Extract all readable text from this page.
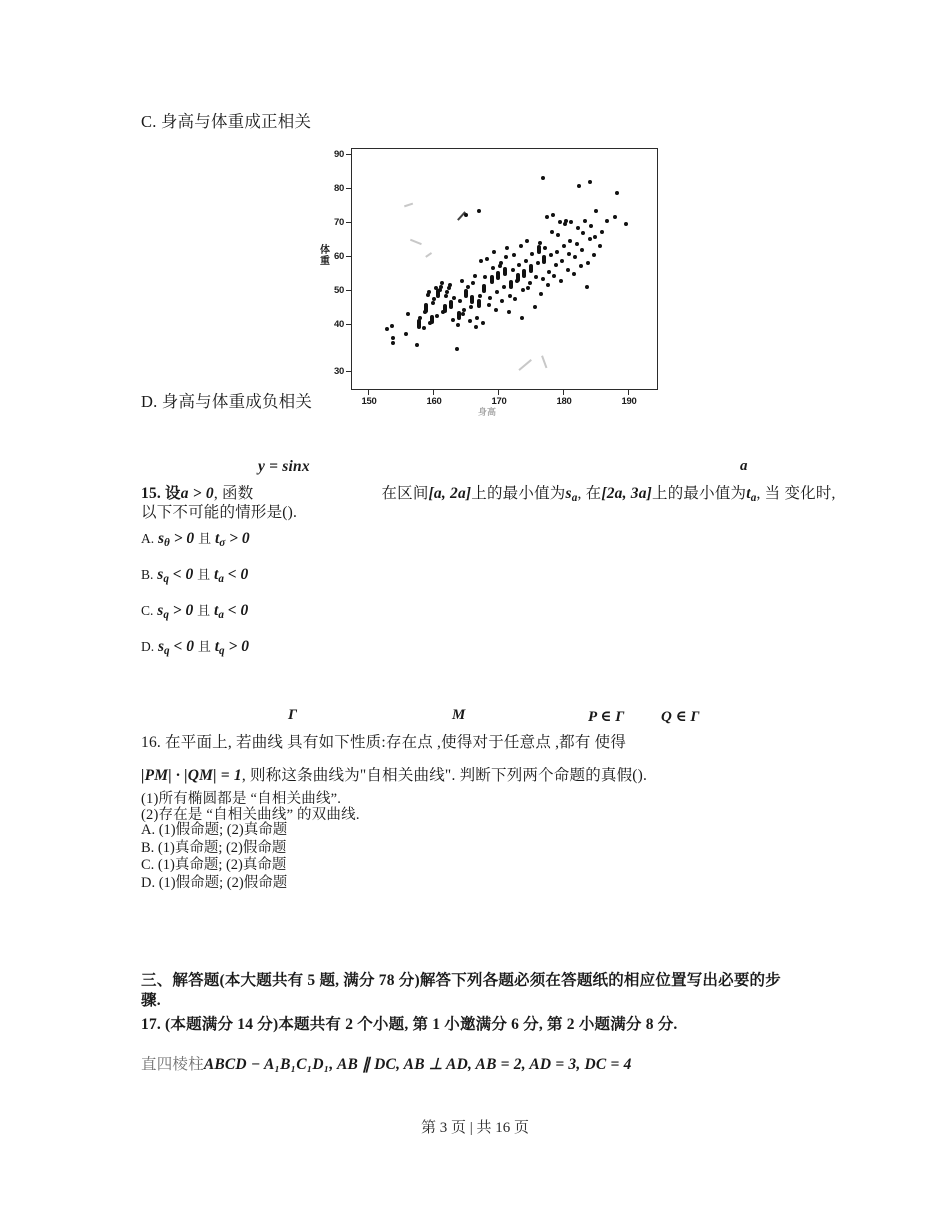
C. 身高与体重成正相关
体重
90
80
70
60
50
40
30
150	160	170	180	190
身高
D. 身高与体重成负相关
y = sinx	a
15. 设a > 0, 函数	在区间[a, 2a]上的最小值为$s_a$, 在[2a, 3a]上的最小值为$t_a$, 当 变化时,
以下不可能的情形是().
A. $s_\theta > 0$ 且 $t_\sigma > 0$
B. $s_q < 0$ 且 $t_a < 0$
C. $s_q > 0$ 且 $t_a < 0$
D. $s_q < 0$ 且 $t_q > 0$
Γ	M	P ∈ Γ Q ∈ Γ
16. 在平面上, 若曲线 具有如下性质:存在点 ,使得对于任意点 ,都有 使得
|PM| · |QM| = 1, 则称这条曲线为"自相关曲线". 判断下列两个命题的真假().
(1)所有椭圆都是 “自相关曲线”.
(2)存在是 “自相关曲线” 的双曲线.
A. (1)假命题; (2)真命题
B. (1)真命题; (2)假命题
C. (1)真命题; (2)真命题
D. (1)假命题; (2)假命题
三、解答题(本大题共有 5 题, 满分 78 分)解答下列各题必须在答题纸的相应位置写出必要的步
骤.
17. (本题满分 14 分)本题共有 2 个小题, 第 1 小邀满分 6 分, 第 2 小题满分 8 分.
直四棱柱ABCD − A₁B₁C₁D₁, AB ∥ DC, AB ⊥ AD, AB = 2, AD = 3, DC = 4
第 3 页 | 共 16 页
